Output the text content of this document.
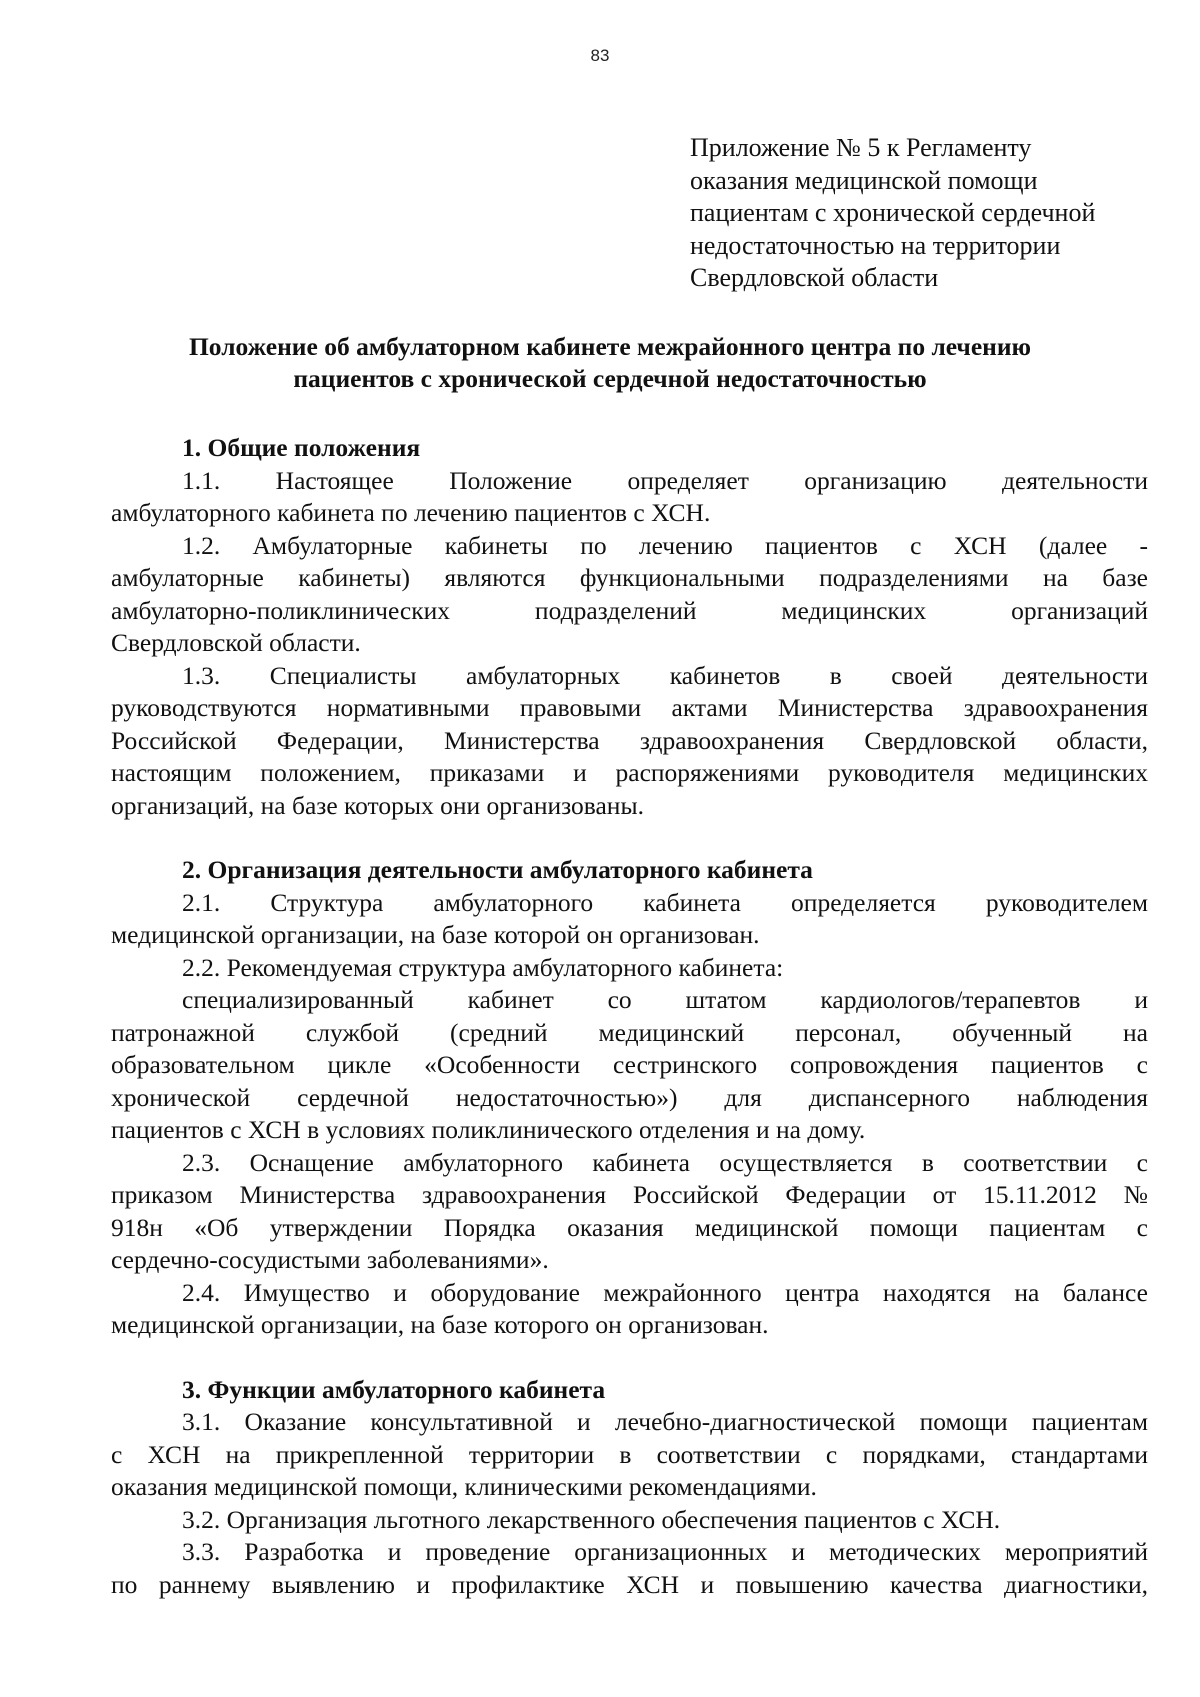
83
Приложение № 5 к Регламенту
оказания медицинской помощи
пациентам с хронической сердечной
недостаточностью на территории
Свердловской области
Положение об амбулаторном кабинете межрайонного центра по лечению
пациентов с хронической сердечной недостаточностью
1. Общие положения
1.1. Настоящее Положение определяет организацию деятельности
амбулаторного кабинета по лечению пациентов с ХСН.
1.2. Амбулаторные кабинеты по лечению пациентов с ХСН (далее -
амбулаторные кабинеты) являются функциональными подразделениями на базе
амбулаторно-поликлинических подразделений медицинских организаций
Свердловской области.
1.3. Специалисты амбулаторных кабинетов в своей деятельности
руководствуются нормативными правовыми актами Министерства здравоохранения
Российской Федерации, Министерства здравоохранения Свердловской области,
настоящим положением, приказами и распоряжениями руководителя медицинских
организаций, на базе которых они организованы.
2. Организация деятельности амбулаторного кабинета
2.1. Структура амбулаторного кабинета определяется руководителем
медицинской организации, на базе которой он организован.
2.2. Рекомендуемая структура амбулаторного кабинета:
специализированный кабинет со штатом кардиологов/терапевтов и
патронажной службой (средний медицинский персонал, обученный на
образовательном цикле «Особенности сестринского сопровождения пациентов с
хронической сердечной недостаточностью») для диспансерного наблюдения
пациентов с ХСН в условиях поликлинического отделения и на дому.
2.3. Оснащение амбулаторного кабинета осуществляется в соответствии с
приказом Министерства здравоохранения Российской Федерации от 15.11.2012 №
918н «Об утверждении Порядка оказания медицинской помощи пациентам с
сердечно-сосудистыми заболеваниями».
2.4. Имущество и оборудование межрайонного центра находятся на балансе
медицинской организации, на базе которого он организован.
3. Функции амбулаторного кабинета
3.1. Оказание консультативной и лечебно-диагностической помощи пациентам
с ХСН на прикрепленной территории в соответствии с порядками, стандартами
оказания медицинской помощи, клиническими рекомендациями.
3.2. Организация льготного лекарственного обеспечения пациентов с ХСН.
3.3. Разработка и проведение организационных и методических мероприятий
по раннему выявлению и профилактике ХСН и повышению качества диагностики,
